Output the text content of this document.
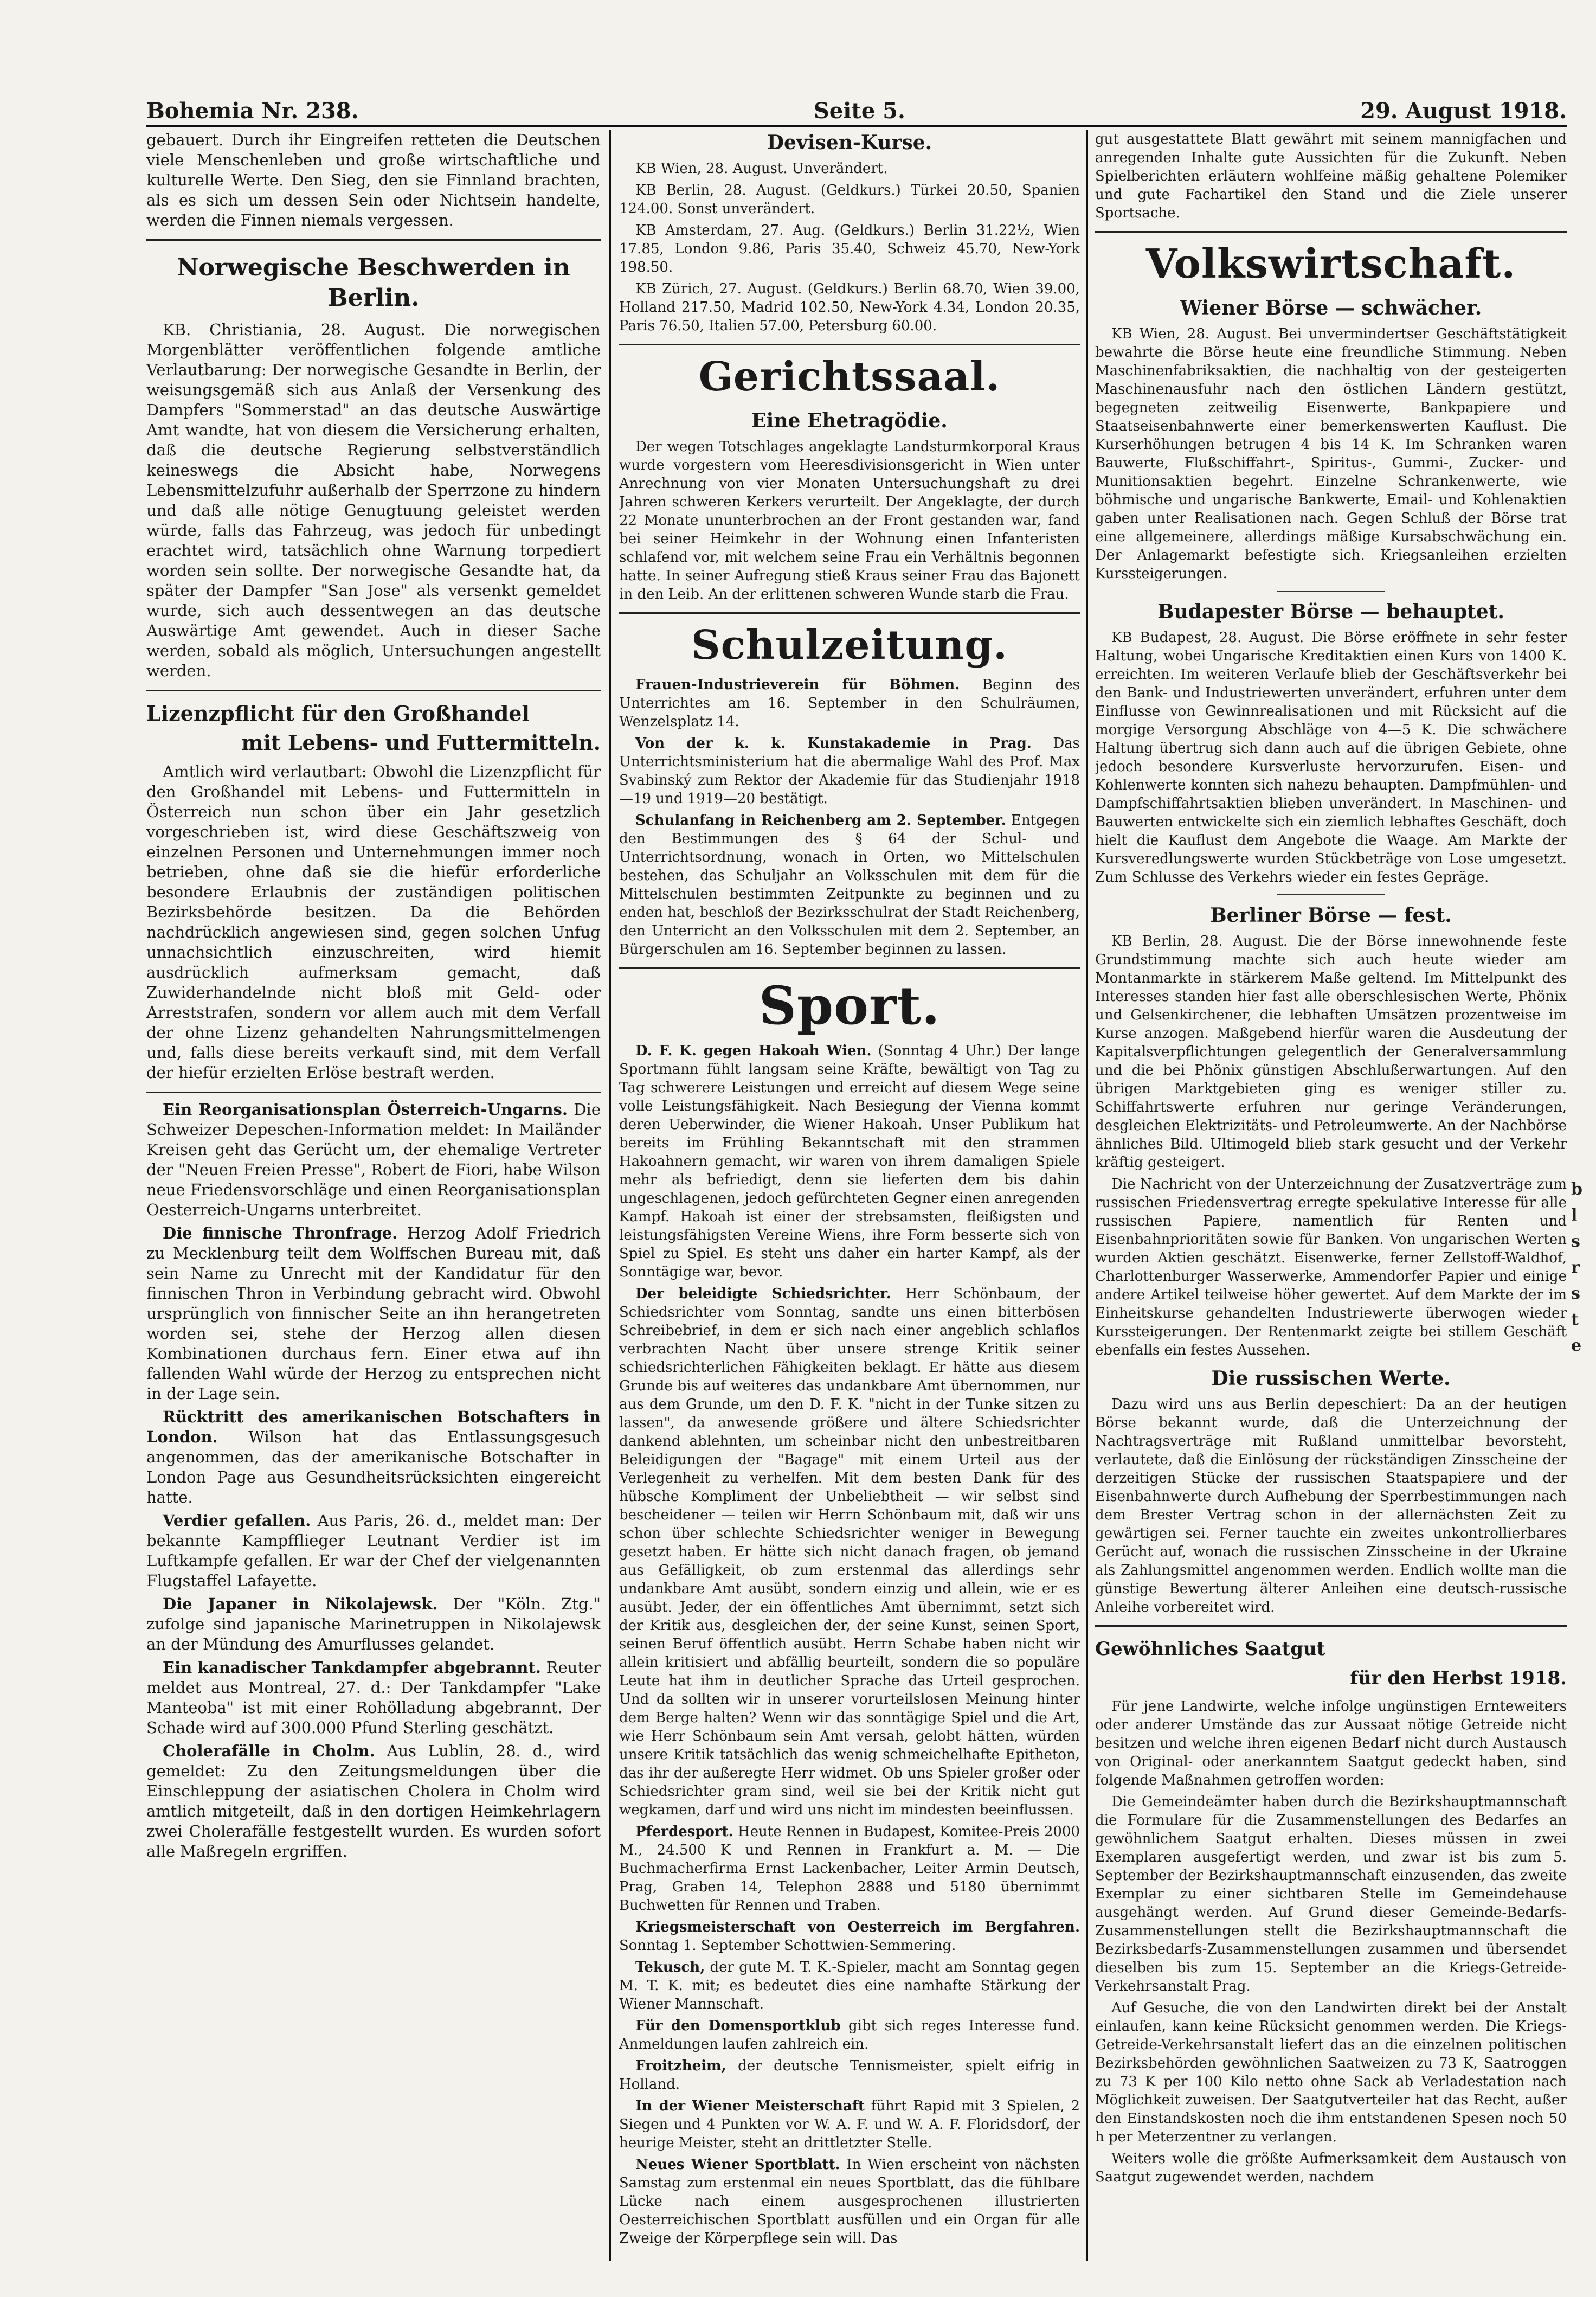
Bohemia Nr. 238.	Seite 5.	29. August 1918.

gebauert. Durch ihr Eingreifen retteten die Deutschen viele Menschenleben und große wirtschaftliche und kulturelle Werte. Den Sieg, den sie Finnland brachten, als es sich um dessen Sein oder Nichtsein handelte, werden die Finnen niemals vergessen.

Norwegische Beschwerden in Berlin.

KB. Christiania, 28. August. Die norwegischen Morgenblätter veröffentlichen folgende amtliche Verlautbarung: Der norwegische Gesandte in Berlin, der weisungsgemäß sich aus Anlaß der Versenkung des Dampfers "Sommerstad" an das deutsche Auswärtige Amt wandte, hat von diesem die Versicherung erhalten, daß die deutsche Regierung selbstverständlich keineswegs die Absicht habe, Norwegens Lebensmittelzufuhr außerhalb der Sperrzone zu hindern und daß alle nötige Genugtuung geleistet werden würde, falls das Fahrzeug, was jedoch für unbedingt erachtet wird, tatsächlich ohne Warnung torpediert worden sein sollte. Der norwegische Gesandte hat, da später der Dampfer "San Jose" als versenkt gemeldet wurde, sich auch dessentwegen an das deutsche Auswärtige Amt gewendet. Auch in dieser Sache werden, sobald als möglich, Untersuchungen angestellt werden.

Lizenzpflicht für den Großhandel
mit Lebens- und Futtermitteln.

Amtlich wird verlautbart: Obwohl die Lizenzpflicht für den Großhandel mit Lebens- und Futtermitteln in Österreich nun schon über ein Jahr gesetzlich vorgeschrieben ist, wird diese Geschäftszweig von einzelnen Personen und Unternehmungen immer noch betrieben, ohne daß sie die hiefür erforderliche besondere Erlaubnis der zuständigen politischen Bezirksbehörde besitzen. Da die Behörden nachdrücklich angewiesen sind, gegen solchen Unfug unnachsichtlich einzuschreiten, wird hiemit ausdrücklich aufmerksam gemacht, daß Zuwiderhandelnde nicht bloß mit Geld- oder Arreststrafen, sondern vor allem auch mit dem Verfall der ohne Lizenz gehandelten Nahrungsmittelmengen und, falls diese bereits verkauft sind, mit dem Verfall der hiefür erzielten Erlöse bestraft werden.

Ein Reorganisationsplan Österreich-Ungarns. Die Schweizer Depeschen-Information meldet: In Mailänder Kreisen geht das Gerücht um, der ehemalige Vertreter der "Neuen Freien Presse", Robert de Fiori, habe Wilson neue Friedensvorschläge und einen Reorganisationsplan Oesterreich-Ungarns unterbreitet.

Die finnische Thronfrage. Herzog Adolf Friedrich zu Mecklenburg teilt dem Wolffschen Bureau mit, daß sein Name zu Unrecht mit der Kandidatur für den finnischen Thron in Verbindung gebracht wird. Obwohl ursprünglich von finnischer Seite an ihn herangetreten worden sei, stehe der Herzog allen diesen Kombinationen durchaus fern. Einer etwa auf ihn fallenden Wahl würde der Herzog zu entsprechen nicht in der Lage sein.

Rücktritt des amerikanischen Botschafters in London. Wilson hat das Entlassungsgesuch angenommen, das der amerikanische Botschafter in London Page aus Gesundheitsrücksichten eingereicht hatte.

Verdier gefallen. Aus Paris, 26. d., meldet man: Der bekannte Kampfflieger Leutnant Verdier ist im Luftkampfe gefallen. Er war der Chef der vielgenannten Flugstaffel Lafayette.

Die Japaner in Nikolajewsk. Der "Köln. Ztg." zufolge sind japanische Marinetruppen in Nikolajewsk an der Mündung des Amurflusses gelandet.

Ein kanadischer Tankdampfer abgebrannt. Reuter meldet aus Montreal, 27. d.: Der Tankdampfer "Lake Manteoba" ist mit einer Rohölladung abgebrannt. Der Schade wird auf 300.000 Pfund Sterling geschätzt.

Cholerafälle in Cholm. Aus Lublin, 28. d., wird gemeldet: Zu den Zeitungsmeldungen über die Einschleppung der asiatischen Cholera in Cholm wird amtlich mitgeteilt, daß in den dortigen Heimkehrlagern zwei Cholerafälle festgestellt wurden. Es wurden sofort alle Maßregeln ergriffen.

Devisen-Kurse.

KB Wien, 28. August. Unverändert.

KB Berlin, 28. August. (Geldkurs.) Türkei 20.50, Spanien 124.00. Sonst unverändert.

KB Amsterdam, 27. Aug. (Geldkurs.) Berlin 31.22½, Wien 17.85, London 9.86, Paris 35.40, Schweiz 45.70, New-York 198.50.

KB Zürich, 27. August. (Geldkurs.) Berlin 68.70, Wien 39.00, Holland 217.50, Madrid 102.50, New-York 4.34, London 20.35, Paris 76.50, Italien 57.00, Petersburg 60.00.

Gerichtssaal.
Eine Ehetragödie.

Der wegen Totschlages angeklagte Landsturmkorporal Kraus wurde vorgestern vom Heeresdivisionsgericht in Wien unter Anrechnung von vier Monaten Untersuchungshaft zu drei Jahren schweren Kerkers verurteilt. Der Angeklagte, der durch 22 Monate ununterbrochen an der Front gestanden war, fand bei seiner Heimkehr in der Wohnung einen Infanteristen schlafend vor, mit welchem seine Frau ein Verhältnis begonnen hatte. In seiner Aufregung stieß Kraus seiner Frau das Bajonett in den Leib. An der erlittenen schweren Wunde starb die Frau.

Schulzeitung.

Frauen-Industrieverein für Böhmen. Beginn des Unterrichtes am 16. September in den Schulräumen, Wenzelsplatz 14.

Von der k. k. Kunstakademie in Prag. Das Unterrichtsministerium hat die abermalige Wahl des Prof. Max Svabinský zum Rektor der Akademie für das Studienjahr 1918—19 und 1919—20 bestätigt.

Schulanfang in Reichenberg am 2. September. Entgegen den Bestimmungen des § 64 der Schul- und Unterrichtsordnung, wonach in Orten, wo Mittelschulen bestehen, das Schuljahr an Volksschulen mit dem für die Mittelschulen bestimmten Zeitpunkte zu beginnen und zu enden hat, beschloß der Bezirksschulrat der Stadt Reichenberg, den Unterricht an den Volksschulen mit dem 2. September, an Bürgerschulen am 16. September beginnen zu lassen.

Sport.

D. F. K. gegen Hakoah Wien. (Sonntag 4 Uhr.) Der lange Sportmann fühlt langsam seine Kräfte, bewältigt von Tag zu Tag schwerere Leistungen und erreicht auf diesem Wege seine volle Leistungsfähigkeit. Nach Besiegung der Vienna kommt deren Ueberwinder, die Wiener Hakoah. Unser Publikum hat bereits im Frühling Bekanntschaft mit den strammen Hakoahnern gemacht, wir waren von ihrem damaligen Spiele mehr als befriedigt, denn sie lieferten dem bis dahin ungeschlagenen, jedoch gefürchteten Gegner einen anregenden Kampf. Hakoah ist einer der strebsamsten, fleißigsten und leistungsfähigsten Vereine Wiens, ihre Form besserte sich von Spiel zu Spiel. Es steht uns daher ein harter Kampf, als der Sonntägige war, bevor.

Der beleidigte Schiedsrichter. Herr Schönbaum, der Schiedsrichter vom Sonntag, sandte uns einen bitterbösen Schreibebrief, in dem er sich nach einer angeblich schlaflos verbrachten Nacht über unsere strenge Kritik seiner schiedsrichterlichen Fähigkeiten beklagt. Er hätte aus diesem Grunde bis auf weiteres das undankbare Amt übernommen, nur aus dem Grunde, um den D. F. K. "nicht in der Tunke sitzen zu lassen", da anwesende größere und ältere Schiedsrichter dankend ablehnten, um scheinbar nicht den unbestreitbaren Beleidigungen der "Bagage" mit einem Urteil aus der Verlegenheit zu verhelfen. Mit dem besten Dank für des hübsche Kompliment der Unbeliebtheit — wir selbst sind bescheidener — teilen wir Herrn Schönbaum mit, daß wir uns schon über schlechte Schiedsrichter weniger in Bewegung gesetzt haben. Er hätte sich nicht danach fragen, ob jemand aus Gefälligkeit, ob zum erstenmal das allerdings sehr undankbare Amt ausübt, sondern einzig und allein, wie er es ausübt. Jeder, der ein öffentliches Amt übernimmt, setzt sich der Kritik aus, desgleichen der, der seine Kunst, seinen Sport, seinen Beruf öffentlich ausübt. Herrn Schabe haben nicht wir allein kritisiert und abfällig beurteilt, sondern die so populäre Leute hat ihm in deutlicher Sprache das Urteil gesprochen. Und da sollten wir in unserer vorurteilslosen Meinung hinter dem Berge halten? Wenn wir das sonntägige Spiel und die Art, wie Herr Schönbaum sein Amt versah, gelobt hätten, würden unsere Kritik tatsächlich das wenig schmeichelhafte Epitheton, das ihr der außeregte Herr widmet. Ob uns Spieler großer oder Schiedsrichter gram sind, weil sie bei der Kritik nicht gut wegkamen, darf und wird uns nicht im mindesten beeinflussen.

Pferdesport. Heute Rennen in Budapest, Komitee-Preis 2000 M., 24.500 K und Rennen in Frankfurt a. M. — Die Buchmacherfirma Ernst Lackenbacher, Leiter Armin Deutsch, Prag, Graben 14, Telephon 2888 und 5180 übernimmt Buchwetten für Rennen und Traben.

Kriegsmeisterschaft von Oesterreich im Bergfahren. Sonntag 1. September Schottwien-Semmering.

Tekusch, der gute M. T. K.-Spieler, macht am Sonntag gegen M. T. K. mit; es bedeutet dies eine namhafte Stärkung der Wiener Mannschaft.

Für den Domensportklub gibt sich reges Interesse fund. Anmeldungen laufen zahlreich ein.

Froitzheim, der deutsche Tennismeister, spielt eifrig in Holland.

In der Wiener Meisterschaft führt Rapid mit 3 Spielen, 2 Siegen und 4 Punkten vor W. A. F. und W. A. F. Floridsdorf, der heurige Meister, steht an drittletzter Stelle.

Neues Wiener Sportblatt. In Wien erscheint von nächsten Samstag zum erstenmal ein neues Sportblatt, das die fühlbare Lücke nach einem ausgesprochenen illustrierten Oesterreichischen Sportblatt ausfüllen und ein Organ für alle Zweige der Körperpflege sein will. Das

gut ausgestattete Blatt gewährt mit seinem mannigfachen und anregenden Inhalte gute Aussichten für die Zukunft. Neben Spielberichten erläutern wohlfeine mäßig gehaltene Polemiker und gute Fachartikel den Stand und die Ziele unserer Sportsache.

Volkswirtschaft.
Wiener Börse — schwächer.

KB Wien, 28. August. Bei unvermindertser Geschäftstätigkeit bewahrte die Börse heute eine freundliche Stimmung. Neben Maschinenfabriksaktien, die nachhaltig von der gesteigerten Maschinenausfuhr nach den östlichen Ländern gestützt, begegneten zeitweilig Eisenwerte, Bankpapiere und Staatseisenbahnwerte einer bemerkenswerten Kauflust. Die Kurserhöhungen betrugen 4 bis 14 K. Im Schranken waren Bauwerte, Flußschiffahrt-, Spiritus-, Gummi-, Zucker- und Munitionsaktien begehrt. Einzelne Schrankenwerte, wie böhmische und ungarische Bankwerte, Email- und Kohlenaktien gaben unter Realisationen nach. Gegen Schluß der Börse trat eine allgemeinere, allerdings mäßige Kursabschwächung ein. Der Anlagemarkt befestigte sich. Kriegsanleihen erzielten Kurssteigerungen.

Budapester Börse — behauptet.

KB Budapest, 28. August. Die Börse eröffnete in sehr fester Haltung, wobei Ungarische Kreditaktien einen Kurs von 1400 K. erreichten. Im weiteren Verlaufe blieb der Geschäftsverkehr bei den Bank- und Industriewerten unverändert, erfuhren unter dem Einflusse von Gewinnrealisationen und mit Rücksicht auf die morgige Versorgung Abschläge von 4—5 K. Die schwächere Haltung übertrug sich dann auch auf die übrigen Gebiete, ohne jedoch besondere Kursverluste hervorzurufen. Eisen- und Kohlenwerte konnten sich nahezu behaupten. Dampfmühlen- und Dampfschiffahrtsaktien blieben unverändert. In Maschinen- und Bauwerten entwickelte sich ein ziemlich lebhaftes Geschäft, doch hielt die Kauflust dem Angebote die Waage. Am Markte der Kursveredlungswerte wurden Stückbeträge von Lose umgesetzt. Zum Schlusse des Verkehrs wieder ein festes Gepräge.

Berliner Börse — fest.

KB Berlin, 28. August. Die der Börse innewohnende feste Grundstimmung machte sich auch heute wieder am Montanmarkte in stärkerem Maße geltend. Im Mittelpunkt des Interesses standen hier fast alle oberschlesischen Werte, Phönix und Gelsenkirchener, die lebhaften Umsätzen prozentweise im Kurse anzogen. Maßgebend hierfür waren die Ausdeutung der Kapitalsverpflichtungen gelegentlich der Generalversammlung und die bei Phönix günstigen Abschlußerwartungen. Auf den übrigen Marktgebieten ging es weniger stiller zu. Schiffahrtswerte erfuhren nur geringe Veränderungen, desgleichen Elektrizitäts- und Petroleumwerte. An der Nachbörse ähnliches Bild. Ultimogeld blieb stark gesucht und der Verkehr kräftig gesteigert.

Die Nachricht von der Unterzeichnung der Zusatzverträge zum russischen Friedensvertrag erregte spekulative Interesse für alle russischen Papiere, namentlich für Renten und Eisenbahnprioritäten sowie für Banken. Von ungarischen Werten wurden Aktien geschätzt. Eisenwerke, ferner Zellstoff-Waldhof, Charlottenburger Wasserwerke, Ammendorfer Papier und einige andere Artikel teilweise höher gewertet. Auf dem Markte der im Einheitskurse gehandelten Industriewerte überwogen wieder Kurssteigerungen. Der Rentenmarkt zeigte bei stillem Geschäft ebenfalls ein festes Aussehen.

Die russischen Werte.

Dazu wird uns aus Berlin depeschiert: Da an der heutigen Börse bekannt wurde, daß die Unterzeichnung der Nachtragsverträge mit Rußland unmittelbar bevorsteht, verlautete, daß die Einlösung der rückständigen Zinsscheine der derzeitigen Stücke der russischen Staatspapiere und der Eisenbahnwerte durch Aufhebung der Sperrbestimmungen nach dem Brester Vertrag schon in der allernächsten Zeit zu gewärtigen sei. Ferner tauchte ein zweites unkontrollierbares Gerücht auf, wonach die russischen Zinsscheine in der Ukraine als Zahlungsmittel angenommen werden. Endlich wollte man die günstige Bewertung älterer Anleihen eine deutsch-russische Anleihe vorbereitet wird.

Gewöhnliches Saatgut
für den Herbst 1918.

Für jene Landwirte, welche infolge ungünstigen Ernteweiters oder anderer Umstände das zur Aussaat nötige Getreide nicht besitzen und welche ihren eigenen Bedarf nicht durch Austausch von Original- oder anerkanntem Saatgut gedeckt haben, sind folgende Maßnahmen getroffen worden:

Die Gemeindeämter haben durch die Bezirkshauptmannschaft die Formulare für die Zusammenstellungen des Bedarfes an gewöhnlichem Saatgut erhalten. Dieses müssen in zwei Exemplaren ausgefertigt werden, und zwar ist bis zum 5. September der Bezirkshauptmannschaft einzusenden, das zweite Exemplar zu einer sichtbaren Stelle im Gemeindehause ausgehängt werden. Auf Grund dieser Gemeinde-Bedarfs-Zusammenstellungen stellt die Bezirkshauptmannschaft die Bezirksbedarfs-Zusammenstellungen zusammen und übersendet dieselben bis zum 15. September an die Kriegs-Getreide-Verkehrsanstalt Prag.

Auf Gesuche, die von den Landwirten direkt bei der Anstalt einlaufen, kann keine Rücksicht genommen werden. Die Kriegs-Getreide-Verkehrsanstalt liefert das an die einzelnen politischen Bezirksbehörden gewöhnlichen Saatweizen zu 73 K, Saatroggen zu 73 K per 100 Kilo netto ohne Sack ab Verladestation nach Möglichkeit zuweisen. Der Saatgutverteiler hat das Recht, außer den Einstandskosten noch die ihm entstandenen Spesen noch 50 h per Meterzentner zu verlangen.

Weiters wolle die größte Aufmerksamkeit dem Austausch von Saatgut zugewendet werden, nachdem

b
l
s
r
s
t
e
